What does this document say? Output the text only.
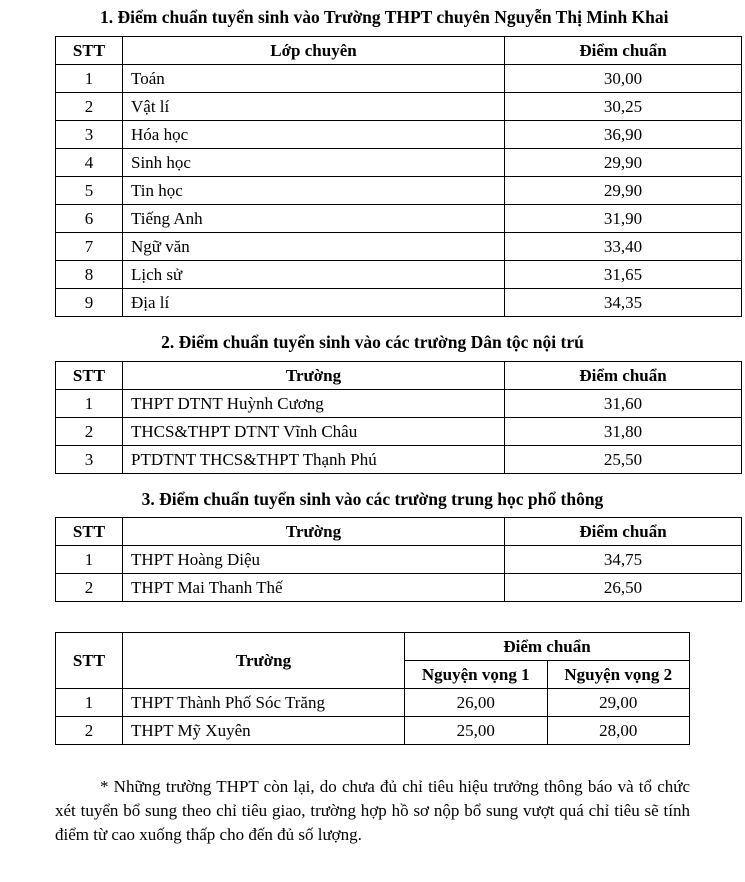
1. Điểm chuẩn tuyển sinh vào Trường THPT chuyên Nguyễn Thị Minh Khai

STT	Lớp chuyên	Điểm chuẩn
1	Toán	30,00
2	Vật lí	30,25
3	Hóa học	36,90
4	Sinh học	29,90
5	Tin học	29,90
6	Tiếng Anh	31,90
7	Ngữ văn	33,40
8	Lịch sử	31,65
9	Địa lí	34,35

2. Điểm chuẩn tuyển sinh vào các trường Dân tộc nội trú

STT	Trường	Điểm chuẩn
1	THPT DTNT Huỳnh Cương	31,60
2	THCS&THPT DTNT Vĩnh Châu	31,80
3	PTDTNT THCS&THPT Thạnh Phú	25,50

3. Điểm chuẩn tuyển sinh vào các trường trung học phổ thông

STT	Trường	Điểm chuẩn
1	THPT Hoàng Diệu	34,75
2	THPT Mai Thanh Thế	26,50
STT	Trường	Điểm chuẩn	
		Nguyện vọng 1	Nguyện vọng 2
1	THPT Thành Phố Sóc Trăng	26,00	29,00
2	THPT Mỹ Xuyên	25,00	28,00

* Những trường THPT còn lại, do chưa đủ chỉ tiêu hiệu trưởng thông báo và tổ chức xét tuyển bổ sung theo chỉ tiêu giao, trường hợp hồ sơ nộp bổ sung vượt quá chỉ tiêu sẽ tính điểm từ cao xuống thấp cho đến đủ số lượng.
